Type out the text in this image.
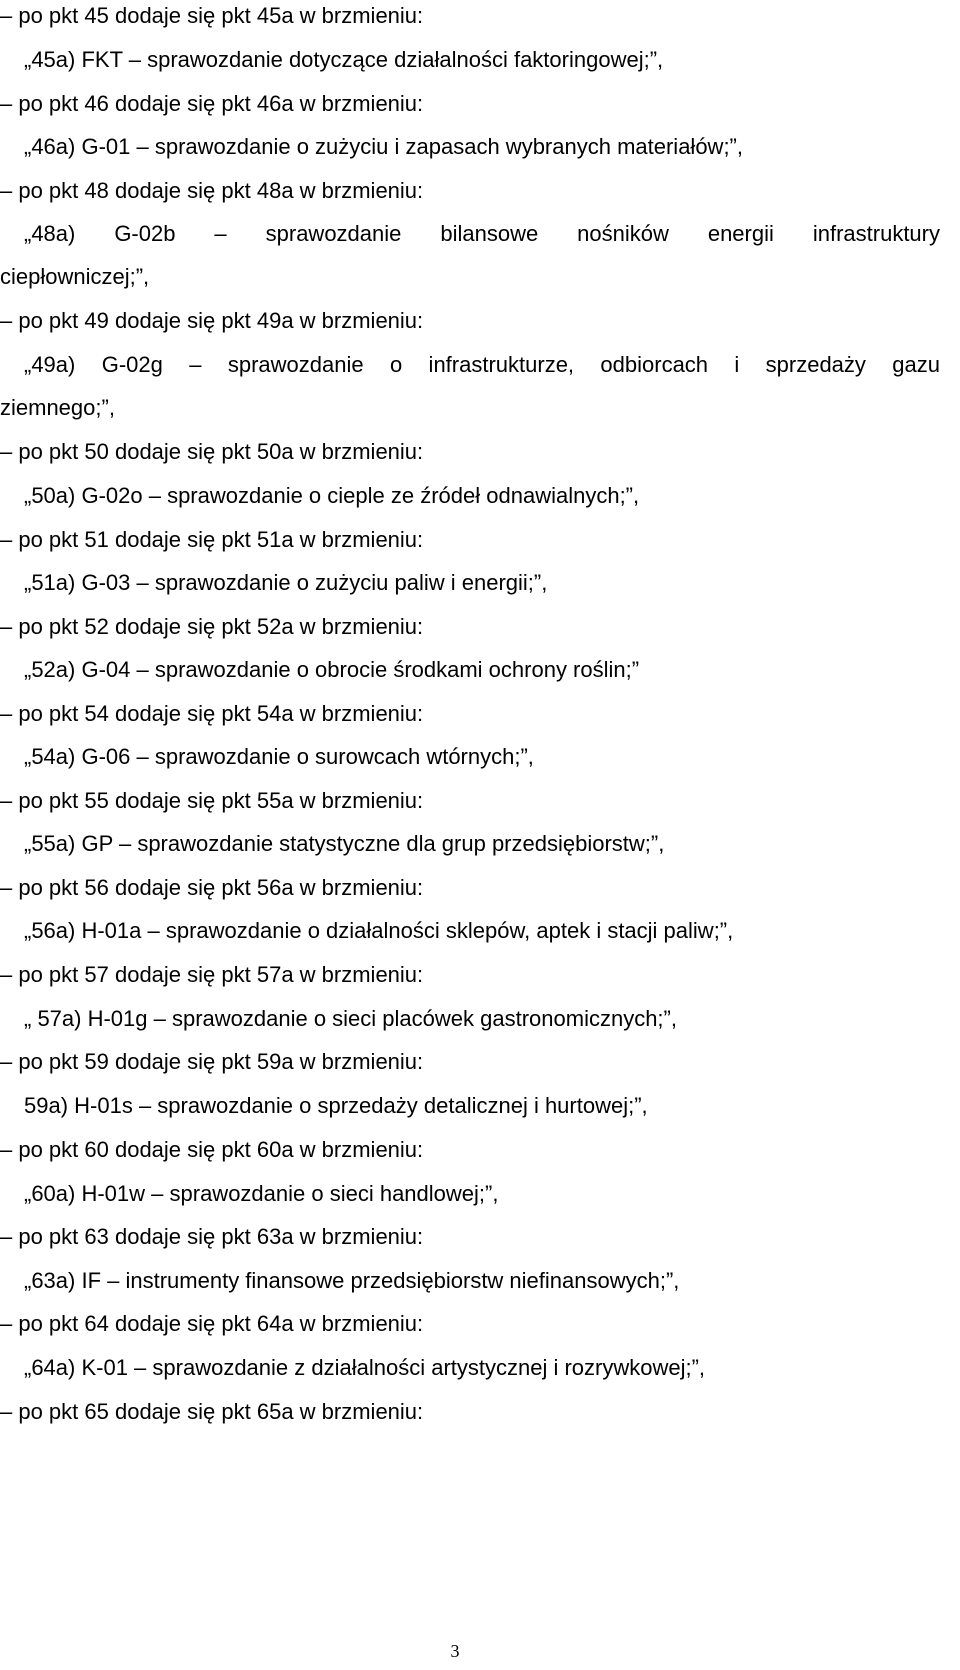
– po pkt 45 dodaje się pkt 45a w brzmieniu:
„45a) FKT – sprawozdanie dotyczące działalności faktoringowej;”,
– po pkt 46 dodaje się pkt 46a w brzmieniu:
„46a) G-01 – sprawozdanie o zużyciu i zapasach wybranych materiałów;”,
– po pkt 48 dodaje się pkt 48a w brzmieniu:
„48a) G-02b – sprawozdanie bilansowe nośników energii infrastruktury
ciepłowniczej;”,
– po pkt 49 dodaje się pkt 49a w brzmieniu:
„49a) G-02g – sprawozdanie o infrastrukturze, odbiorcach i sprzedaży gazu
ziemnego;”,
– po pkt 50 dodaje się pkt 50a w brzmieniu:
„50a) G-02o – sprawozdanie o cieple ze źródeł odnawialnych;”,
– po pkt 51 dodaje się pkt 51a w brzmieniu:
„51a) G-03 – sprawozdanie o zużyciu paliw i energii;”,
– po pkt 52 dodaje się pkt 52a w brzmieniu:
„52a) G-04 – sprawozdanie o obrocie środkami ochrony roślin;”
– po pkt 54 dodaje się pkt 54a w brzmieniu:
„54a) G-06 – sprawozdanie o surowcach wtórnych;”,
– po pkt 55 dodaje się pkt 55a w brzmieniu:
„55a) GP – sprawozdanie statystyczne dla grup przedsiębiorstw;”,
– po pkt 56 dodaje się pkt 56a w brzmieniu:
„56a) H-01a – sprawozdanie o działalności sklepów, aptek i stacji paliw;”,
– po pkt 57 dodaje się pkt 57a w brzmieniu:
„ 57a) H-01g – sprawozdanie o sieci placówek gastronomicznych;”,
– po pkt 59 dodaje się pkt 59a w brzmieniu:
59a) H-01s – sprawozdanie o sprzedaży detalicznej i hurtowej;”,
– po pkt 60 dodaje się pkt 60a w brzmieniu:
„60a) H-01w – sprawozdanie o sieci handlowej;”,
– po pkt 63 dodaje się pkt 63a w brzmieniu:
„63a) IF – instrumenty finansowe przedsiębiorstw niefinansowych;”,
– po pkt 64 dodaje się pkt 64a w brzmieniu:
„64a) K-01 – sprawozdanie z działalności artystycznej i rozrywkowej;”,
– po pkt 65 dodaje się pkt 65a w brzmieniu:
3
